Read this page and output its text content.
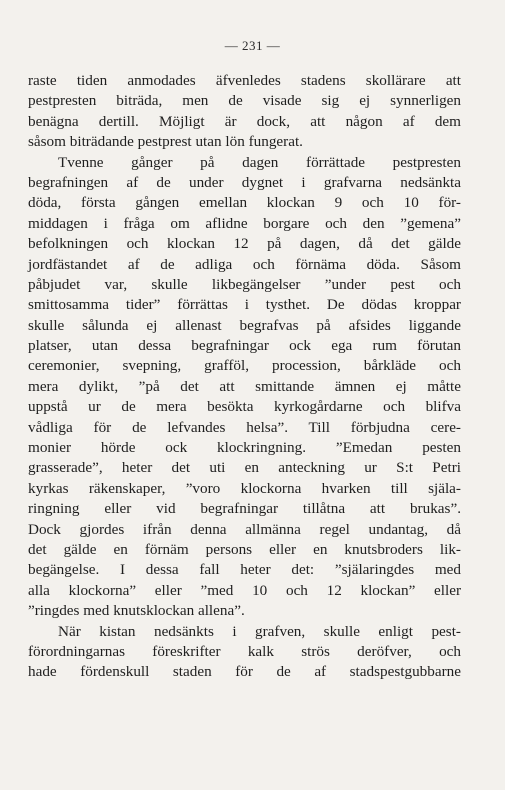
— 231 —
raste tiden anmodades äfvenledes stadens skollärare att
pestpresten biträda, men de visade sig ej synnerligen
benägna dertill. Möjligt är dock, att någon af dem
såsom biträdande pestprest utan lön fungerat.
Tvenne gånger på dagen förrättade pestpresten
begrafningen af de under dygnet i grafvarna nedsänkta
döda, första gången emellan klockan 9 och 10 för-
middagen i fråga om aflidne borgare och den ”gemena”
befolkningen och klockan 12 på dagen, då det gälde
jordfästandet af de adliga och förnäma döda. Såsom
påbjudet var, skulle likbegängelser ”under pest och
smittosamma tider” förrättas i tysthet. De dödas kroppar
skulle sålunda ej allenast begrafvas på afsides liggande
platser, utan dessa begrafningar ock ega rum förutan
ceremonier, svepning, grafföl, procession, bårkläde och
mera dylikt, ”på det att smittande ämnen ej måtte
uppstå ur de mera besökta kyrkogårdarne och blifva
vådliga för de lefvandes helsa”. Till förbjudna cere-
monier hörde ock klockringning. ”Emedan pesten
grasserade”, heter det uti en anteckning ur S:t Petri
kyrkas räkenskaper, ”voro klockorna hvarken till själa-
ringning eller vid begrafningar tillåtna att brukas”.
Dock gjordes ifrån denna allmänna regel undantag, då
det gälde en förnäm persons eller en knutsbroders lik-
begängelse. I dessa fall heter det: ”själaringdes med
alla klockorna” eller ”med 10 och 12 klockan” eller
”ringdes med knutsklockan allena”.
När kistan nedsänkts i grafven, skulle enligt pest-
förordningarnas föreskrifter kalk strös deröfver, och
hade fördenskull staden för de af stadspestgubbarne
